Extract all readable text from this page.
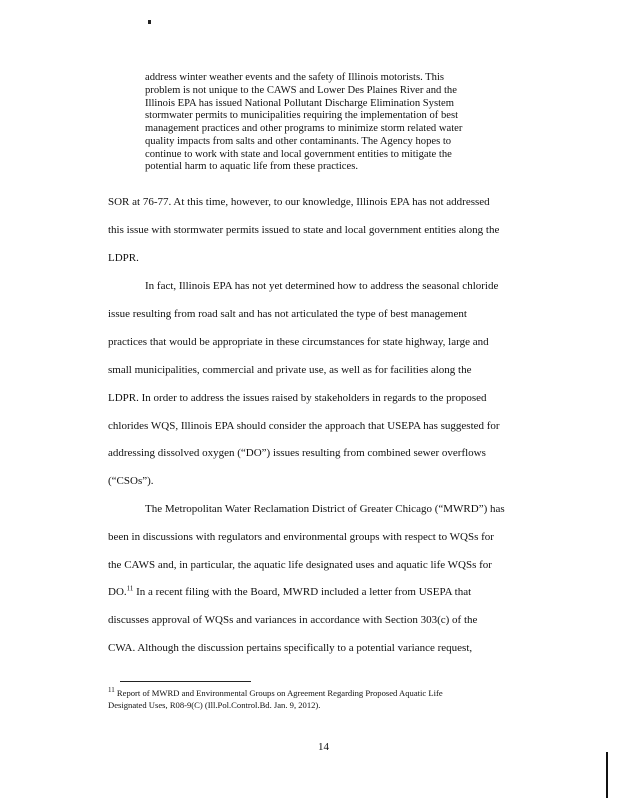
address winter weather events and the safety of Illinois motorists. This
problem is not unique to the CAWS and Lower Des Plaines River and the
Illinois EPA has issued National Pollutant Discharge Elimination System
stormwater permits to municipalities requiring the implementation of best
management practices and other programs to minimize storm related water
quality impacts from salts and other contaminants. The Agency hopes to
continue to work with state and local government entities to mitigate the
potential harm to aquatic life from these practices.
SOR at 76-77. At this time, however, to our knowledge, Illinois EPA has not addressed
this issue with stormwater permits issued to state and local government entities along the
LDPR.
In fact, Illinois EPA has not yet determined how to address the seasonal chloride
issue resulting from road salt and has not articulated the type of best management
practices that would be appropriate in these circumstances for state highway, large and
small municipalities, commercial and private use, as well as for facilities along the
LDPR. In order to address the issues raised by stakeholders in regards to the proposed
chlorides WQS, Illinois EPA should consider the approach that USEPA has suggested for
addressing dissolved oxygen (“DO”) issues resulting from combined sewer overflows
(“CSOs”).
The Metropolitan Water Reclamation District of Greater Chicago (“MWRD”) has
been in discussions with regulators and environmental groups with respect to WQSs for
the CAWS and, in particular, the aquatic life designated uses and aquatic life WQSs for
DO.$^{11}$ In a recent filing with the Board, MWRD included a letter from USEPA that
discusses approval of WQSs and variances in accordance with Section 303(c) of the
CWA. Although the discussion pertains specifically to a potential variance request,
$^{11}$ Report of MWRD and Environmental Groups on Agreement Regarding Proposed Aquatic Life
Designated Uses, R08-9(C) (Ill.Pol.Control.Bd. Jan. 9, 2012).
14
